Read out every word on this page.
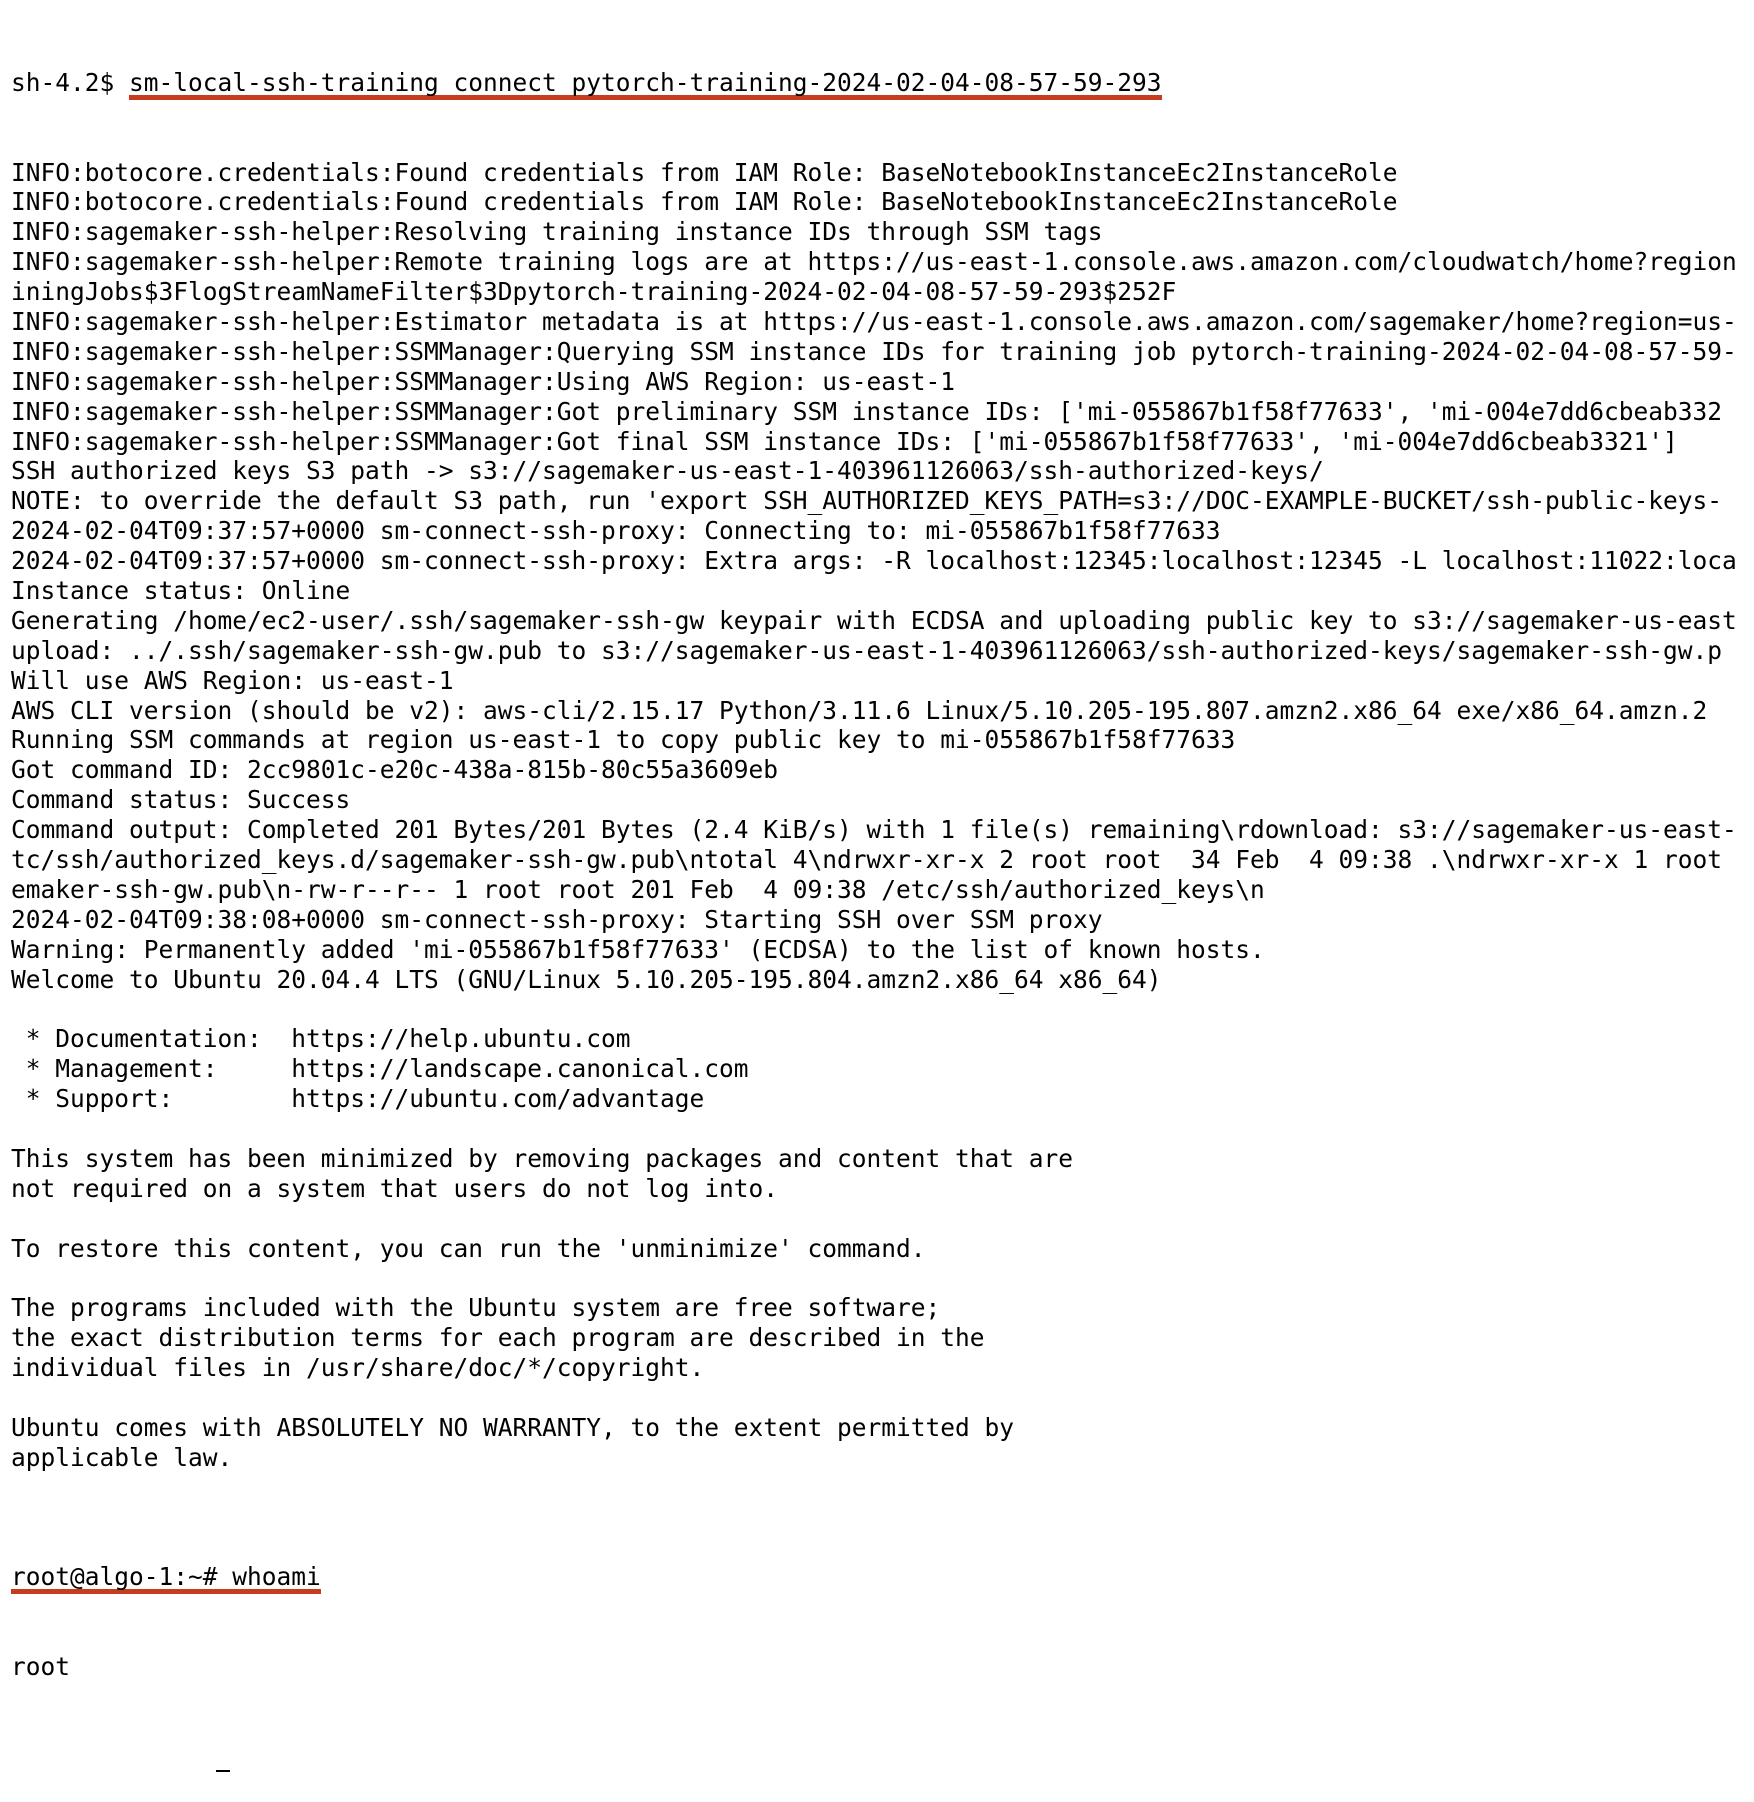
sh-4.2$ sm-local-ssh-training connect pytorch-training-2024-02-04-08-57-59-293

INFO:botocore.credentials:Found credentials from IAM Role: BaseNotebookInstanceEc2InstanceRole
INFO:botocore.credentials:Found credentials from IAM Role: BaseNotebookInstanceEc2InstanceRole
INFO:sagemaker-ssh-helper:Resolving training instance IDs through SSM tags
INFO:sagemaker-ssh-helper:Remote training logs are at https://us-east-1.console.aws.amazon.com/cloudwatch/home?region
iningJobs$3FlogStreamNameFilter$3Dpytorch-training-2024-02-04-08-57-59-293$252F
INFO:sagemaker-ssh-helper:Estimator metadata is at https://us-east-1.console.aws.amazon.com/sagemaker/home?region=us-
INFO:sagemaker-ssh-helper:SSMManager:Querying SSM instance IDs for training job pytorch-training-2024-02-04-08-57-59-
INFO:sagemaker-ssh-helper:SSMManager:Using AWS Region: us-east-1
INFO:sagemaker-ssh-helper:SSMManager:Got preliminary SSM instance IDs: ['mi-055867b1f58f77633', 'mi-004e7dd6cbeab332
INFO:sagemaker-ssh-helper:SSMManager:Got final SSM instance IDs: ['mi-055867b1f58f77633', 'mi-004e7dd6cbeab3321']
SSH authorized keys S3 path -> s3://sagemaker-us-east-1-403961126063/ssh-authorized-keys/
NOTE: to override the default S3 path, run 'export SSH_AUTHORIZED_KEYS_PATH=s3://DOC-EXAMPLE-BUCKET/ssh-public-keys-
2024-02-04T09:37:57+0000 sm-connect-ssh-proxy: Connecting to: mi-055867b1f58f77633
2024-02-04T09:37:57+0000 sm-connect-ssh-proxy: Extra args: -R localhost:12345:localhost:12345 -L localhost:11022:loca
Instance status: Online
Generating /home/ec2-user/.ssh/sagemaker-ssh-gw keypair with ECDSA and uploading public key to s3://sagemaker-us-east
upload: ../.ssh/sagemaker-ssh-gw.pub to s3://sagemaker-us-east-1-403961126063/ssh-authorized-keys/sagemaker-ssh-gw.p
Will use AWS Region: us-east-1
AWS CLI version (should be v2): aws-cli/2.15.17 Python/3.11.6 Linux/5.10.205-195.807.amzn2.x86_64 exe/x86_64.amzn.2
Running SSM commands at region us-east-1 to copy public key to mi-055867b1f58f77633
Got command ID: 2cc9801c-e20c-438a-815b-80c55a3609eb
Command status: Success
Command output: Completed 201 Bytes/201 Bytes (2.4 KiB/s) with 1 file(s) remaining\rdownload: s3://sagemaker-us-east-
tc/ssh/authorized_keys.d/sagemaker-ssh-gw.pub\ntotal 4\ndrwxr-xr-x 2 root root  34 Feb  4 09:38 .\ndrwxr-xr-x 1 root
emaker-ssh-gw.pub\n-rw-r--r-- 1 root root 201 Feb  4 09:38 /etc/ssh/authorized_keys\n
2024-02-04T09:38:08+0000 sm-connect-ssh-proxy: Starting SSH over SSM proxy
Warning: Permanently added 'mi-055867b1f58f77633' (ECDSA) to the list of known hosts.
Welcome to Ubuntu 20.04.4 LTS (GNU/Linux 5.10.205-195.804.amzn2.x86_64 x86_64)
* Documentation:  https://help.ubuntu.com
* Management:     https://landscape.canonical.com
* Support:        https://ubuntu.com/advantage
This system has been minimized by removing packages and content that are
not required on a system that users do not log into.
To restore this content, you can run the 'unminimize' command.
The programs included with the Ubuntu system are free software;
the exact distribution terms for each program are described in the
individual files in /usr/share/doc/*/copyright.
Ubuntu comes with ABSOLUTELY NO WARRANTY, to the extent permitted by
applicable law.

root@algo-1:~# whoami

root
